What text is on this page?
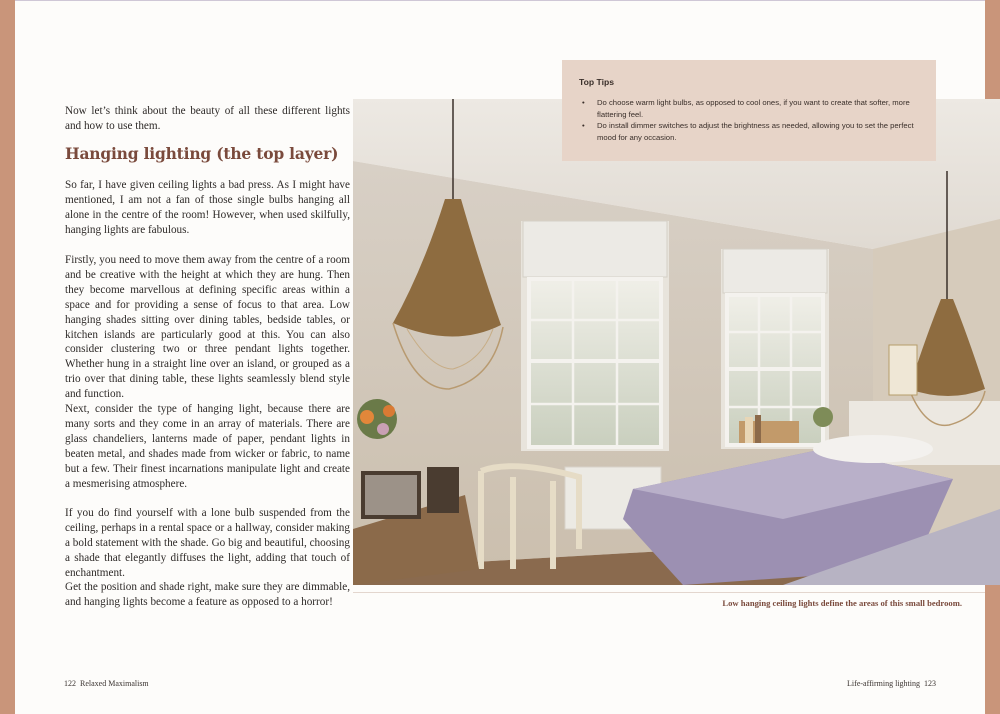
Now let’s think about the beauty of all these different lights and how to use them.

Hanging lighting (the top layer)

So far, I have given ceiling lights a bad press. As I might have mentioned, I am not a fan of those single bulbs hanging all alone in the centre of the room! However, when used skilfully, hanging lights are fabulous.

Firstly, you need to move them away from the centre of a room and be creative with the height at which they are hung. Then they become marvellous at defining specific areas within a space and for providing a sense of focus to that area. Low hanging shades sitting over dining tables, bedside tables, or kitchen islands are particularly good at this. You can also consider clustering two or three pendant lights together. Whether hung in a straight line over an island, or grouped as a trio over that dining table, these lights seamlessly blend style and function.

Next, consider the type of hanging light, because there are many sorts and they come in an array of materials. There are glass chandeliers, lanterns made of paper, pendant lights in beaten metal, and shades made from wicker or fabric, to name but a few. Their finest incarnations manipulate light and create a mesmerising atmosphere.

If you do find yourself with a lone bulb suspended from the ceiling, perhaps in a rental space or a hallway, consider making a bold statement with the shade. Go big and beautiful, choosing a shade that elegantly diffuses the light, adding that touch of enchantment.

Get the position and shade right, make sure they are dimmable, and hanging lights become a feature as opposed to a horror!	Low hanging ceiling lights define the areas of this small bedroom.
Top Tips
• Do choose warm light bulbs, as opposed to cool ones, if you want to create that softer, more flattering feel.
• Do install dimmer switches to adjust the brightness as needed, allowing you to set the perfect mood for any occasion.
122 Relaxed Maximalism	Life-affirming lighting 123
